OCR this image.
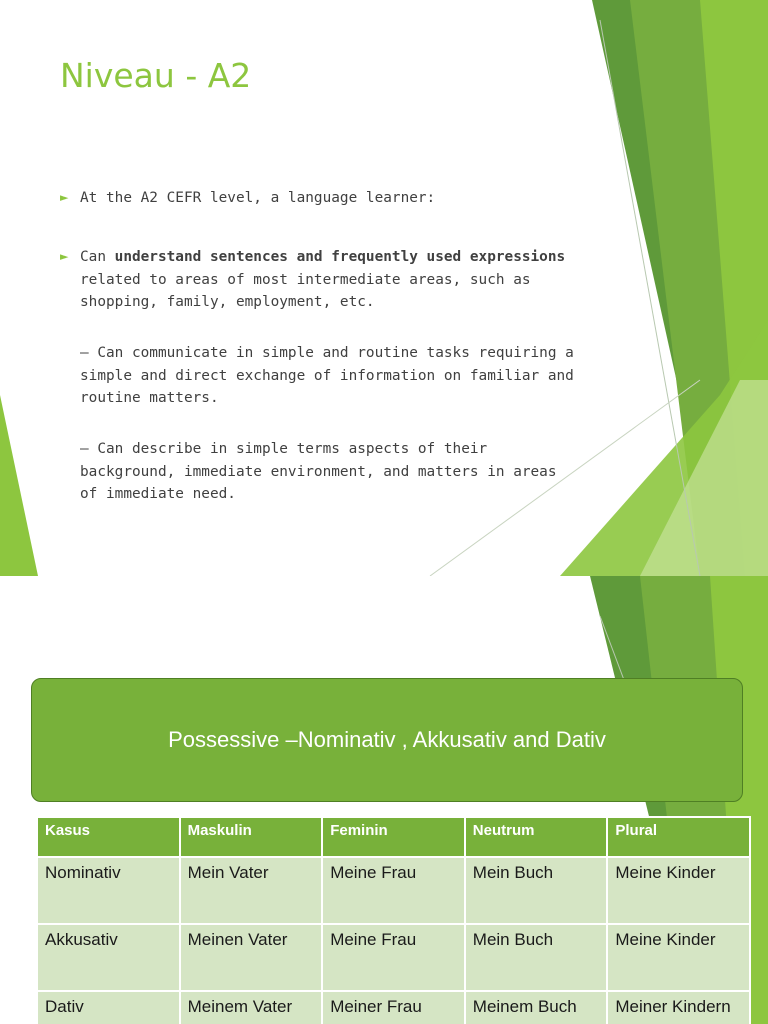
Niveau - A2
► At the A2 CEFR level, a language learner:
► Can understand sentences and frequently used expressions related to areas of most intermediate areas, such as shopping, family, employment, etc.
– Can communicate in simple and routine tasks requiring a simple and direct exchange of information on familiar and routine matters.
– Can describe in simple terms aspects of their background, immediate environment, and matters in areas of immediate need.
Possessive –Nominativ , Akkusativ and Dativ
Kasus	Maskulin	Feminin	Neutrum	Plural
Nominativ	Mein Vater	Meine Frau	Mein Buch	Meine Kinder
Akkusativ	Meinen Vater	Meine Frau	Mein Buch	Meine Kinder
Dativ	Meinem Vater	Meiner Frau	Meinem Buch	Meiner Kindern
